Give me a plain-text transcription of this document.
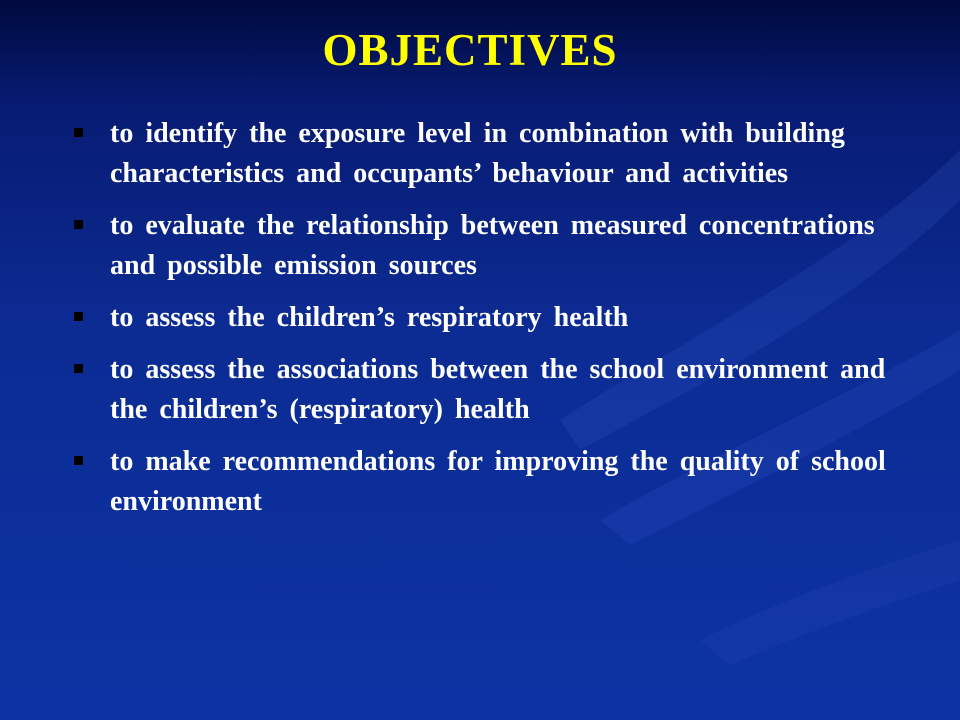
OBJECTIVES
to identify the exposure level in combination with building characteristics and occupants’ behaviour and activities
to evaluate the relationship between measured concentrations and possible emission sources
to assess the children’s respiratory health
to assess the associations between the school environment and the children’s (respiratory) health
to make recommendations for improving the quality of school environment
